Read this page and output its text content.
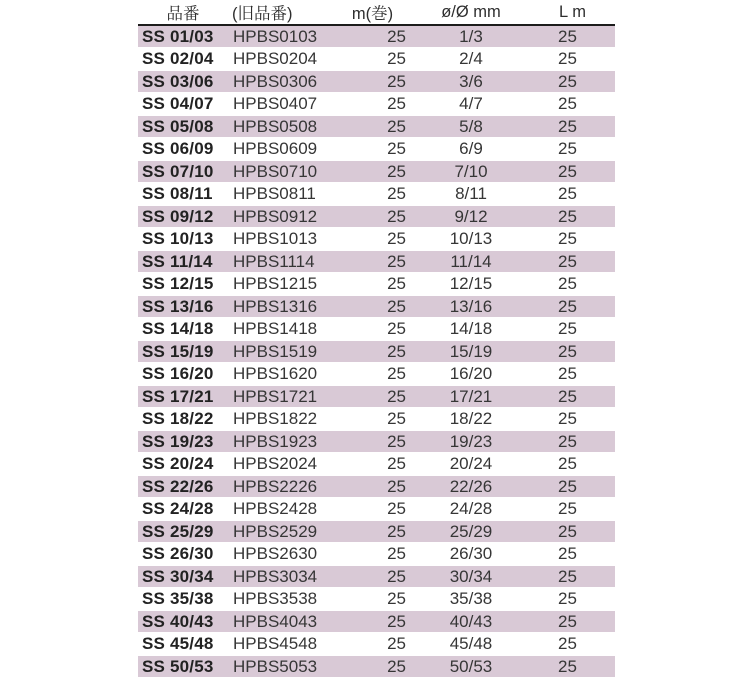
品番	(旧品番)	m(巻)	ø/Ø mm	L m
SS 01/03	HPBS0103	25	1/3	25
SS 02/04	HPBS0204	25	2/4	25
SS 03/06	HPBS0306	25	3/6	25
SS 04/07	HPBS0407	25	4/7	25
SS 05/08	HPBS0508	25	5/8	25
SS 06/09	HPBS0609	25	6/9	25
SS 07/10	HPBS0710	25	7/10	25
SS 08/11	HPBS0811	25	8/11	25
SS 09/12	HPBS0912	25	9/12	25
SS 10/13	HPBS1013	25	10/13	25
SS 11/14	HPBS1114	25	11/14	25
SS 12/15	HPBS1215	25	12/15	25
SS 13/16	HPBS1316	25	13/16	25
SS 14/18	HPBS1418	25	14/18	25
SS 15/19	HPBS1519	25	15/19	25
SS 16/20	HPBS1620	25	16/20	25
SS 17/21	HPBS1721	25	17/21	25
SS 18/22	HPBS1822	25	18/22	25
SS 19/23	HPBS1923	25	19/23	25
SS 20/24	HPBS2024	25	20/24	25
SS 22/26	HPBS2226	25	22/26	25
SS 24/28	HPBS2428	25	24/28	25
SS 25/29	HPBS2529	25	25/29	25
SS 26/30	HPBS2630	25	26/30	25
SS 30/34	HPBS3034	25	30/34	25
SS 35/38	HPBS3538	25	35/38	25
SS 40/43	HPBS4043	25	40/43	25
SS 45/48	HPBS4548	25	45/48	25
SS 50/53	HPBS5053	25	50/53	25
